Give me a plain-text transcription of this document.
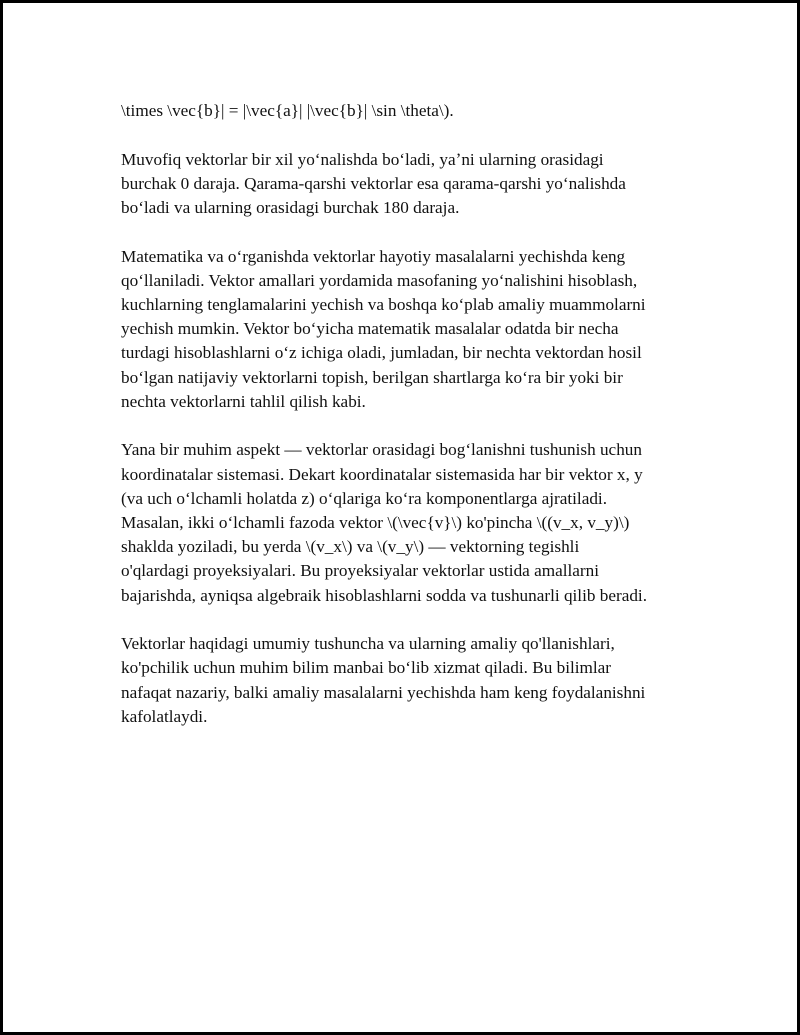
\times \vec{b}| = |\vec{a}| |\vec{b}| \sin \theta\).

Muvofiq vektorlar bir xil yoʻnalishda boʻladi, yaʼni ularning orasidagi
burchak 0 daraja. Qarama-qarshi vektorlar esa qarama-qarshi yoʻnalishda
boʻladi va ularning orasidagi burchak 180 daraja.

Matematika va oʻrganishda vektorlar hayotiy masalalarni yechishda keng
qoʻllaniladi. Vektor amallari yordamida masofaning yoʻnalishini hisoblash,
kuchlarning tenglamalarini yechish va boshqa koʻplab amaliy muammolarni
yechish mumkin. Vektor boʻyicha matematik masalalar odatda bir necha
turdagi hisoblashlarni oʻz ichiga oladi, jumladan, bir nechta vektordan hosil
boʻlgan natijaviy vektorlarni topish, berilgan shartlarga koʻra bir yoki bir
nechta vektorlarni tahlil qilish kabi.

Yana bir muhim aspekt — vektorlar orasidagi bogʻlanishni tushunish uchun
koordinatalar sistemasi. Dekart koordinatalar sistemasida har bir vektor x, y
(va uch oʻlchamli holatda z) oʻqlariga koʻra komponentlarga ajratiladi.
Masalan, ikki oʻlchamli fazoda vektor \(\vec{v}\) ko'pincha \((v_x, v_y)\)
shaklda yoziladi, bu yerda \(v_x\) va \(v_y\) — vektorning tegishli
o'qlardagi proyeksiyalari. Bu proyeksiyalar vektorlar ustida amallarni
bajarishda, ayniqsa algebraik hisoblashlarni sodda va tushunarli qilib beradi.

Vektorlar haqidagi umumiy tushuncha va ularning amaliy qo'llanishlari,
ko'pchilik uchun muhim bilim manbai boʻlib xizmat qiladi. Bu bilimlar
nafaqat nazariy, balki amaliy masalalarni yechishda ham keng foydalanishni
kafolatlaydi.
